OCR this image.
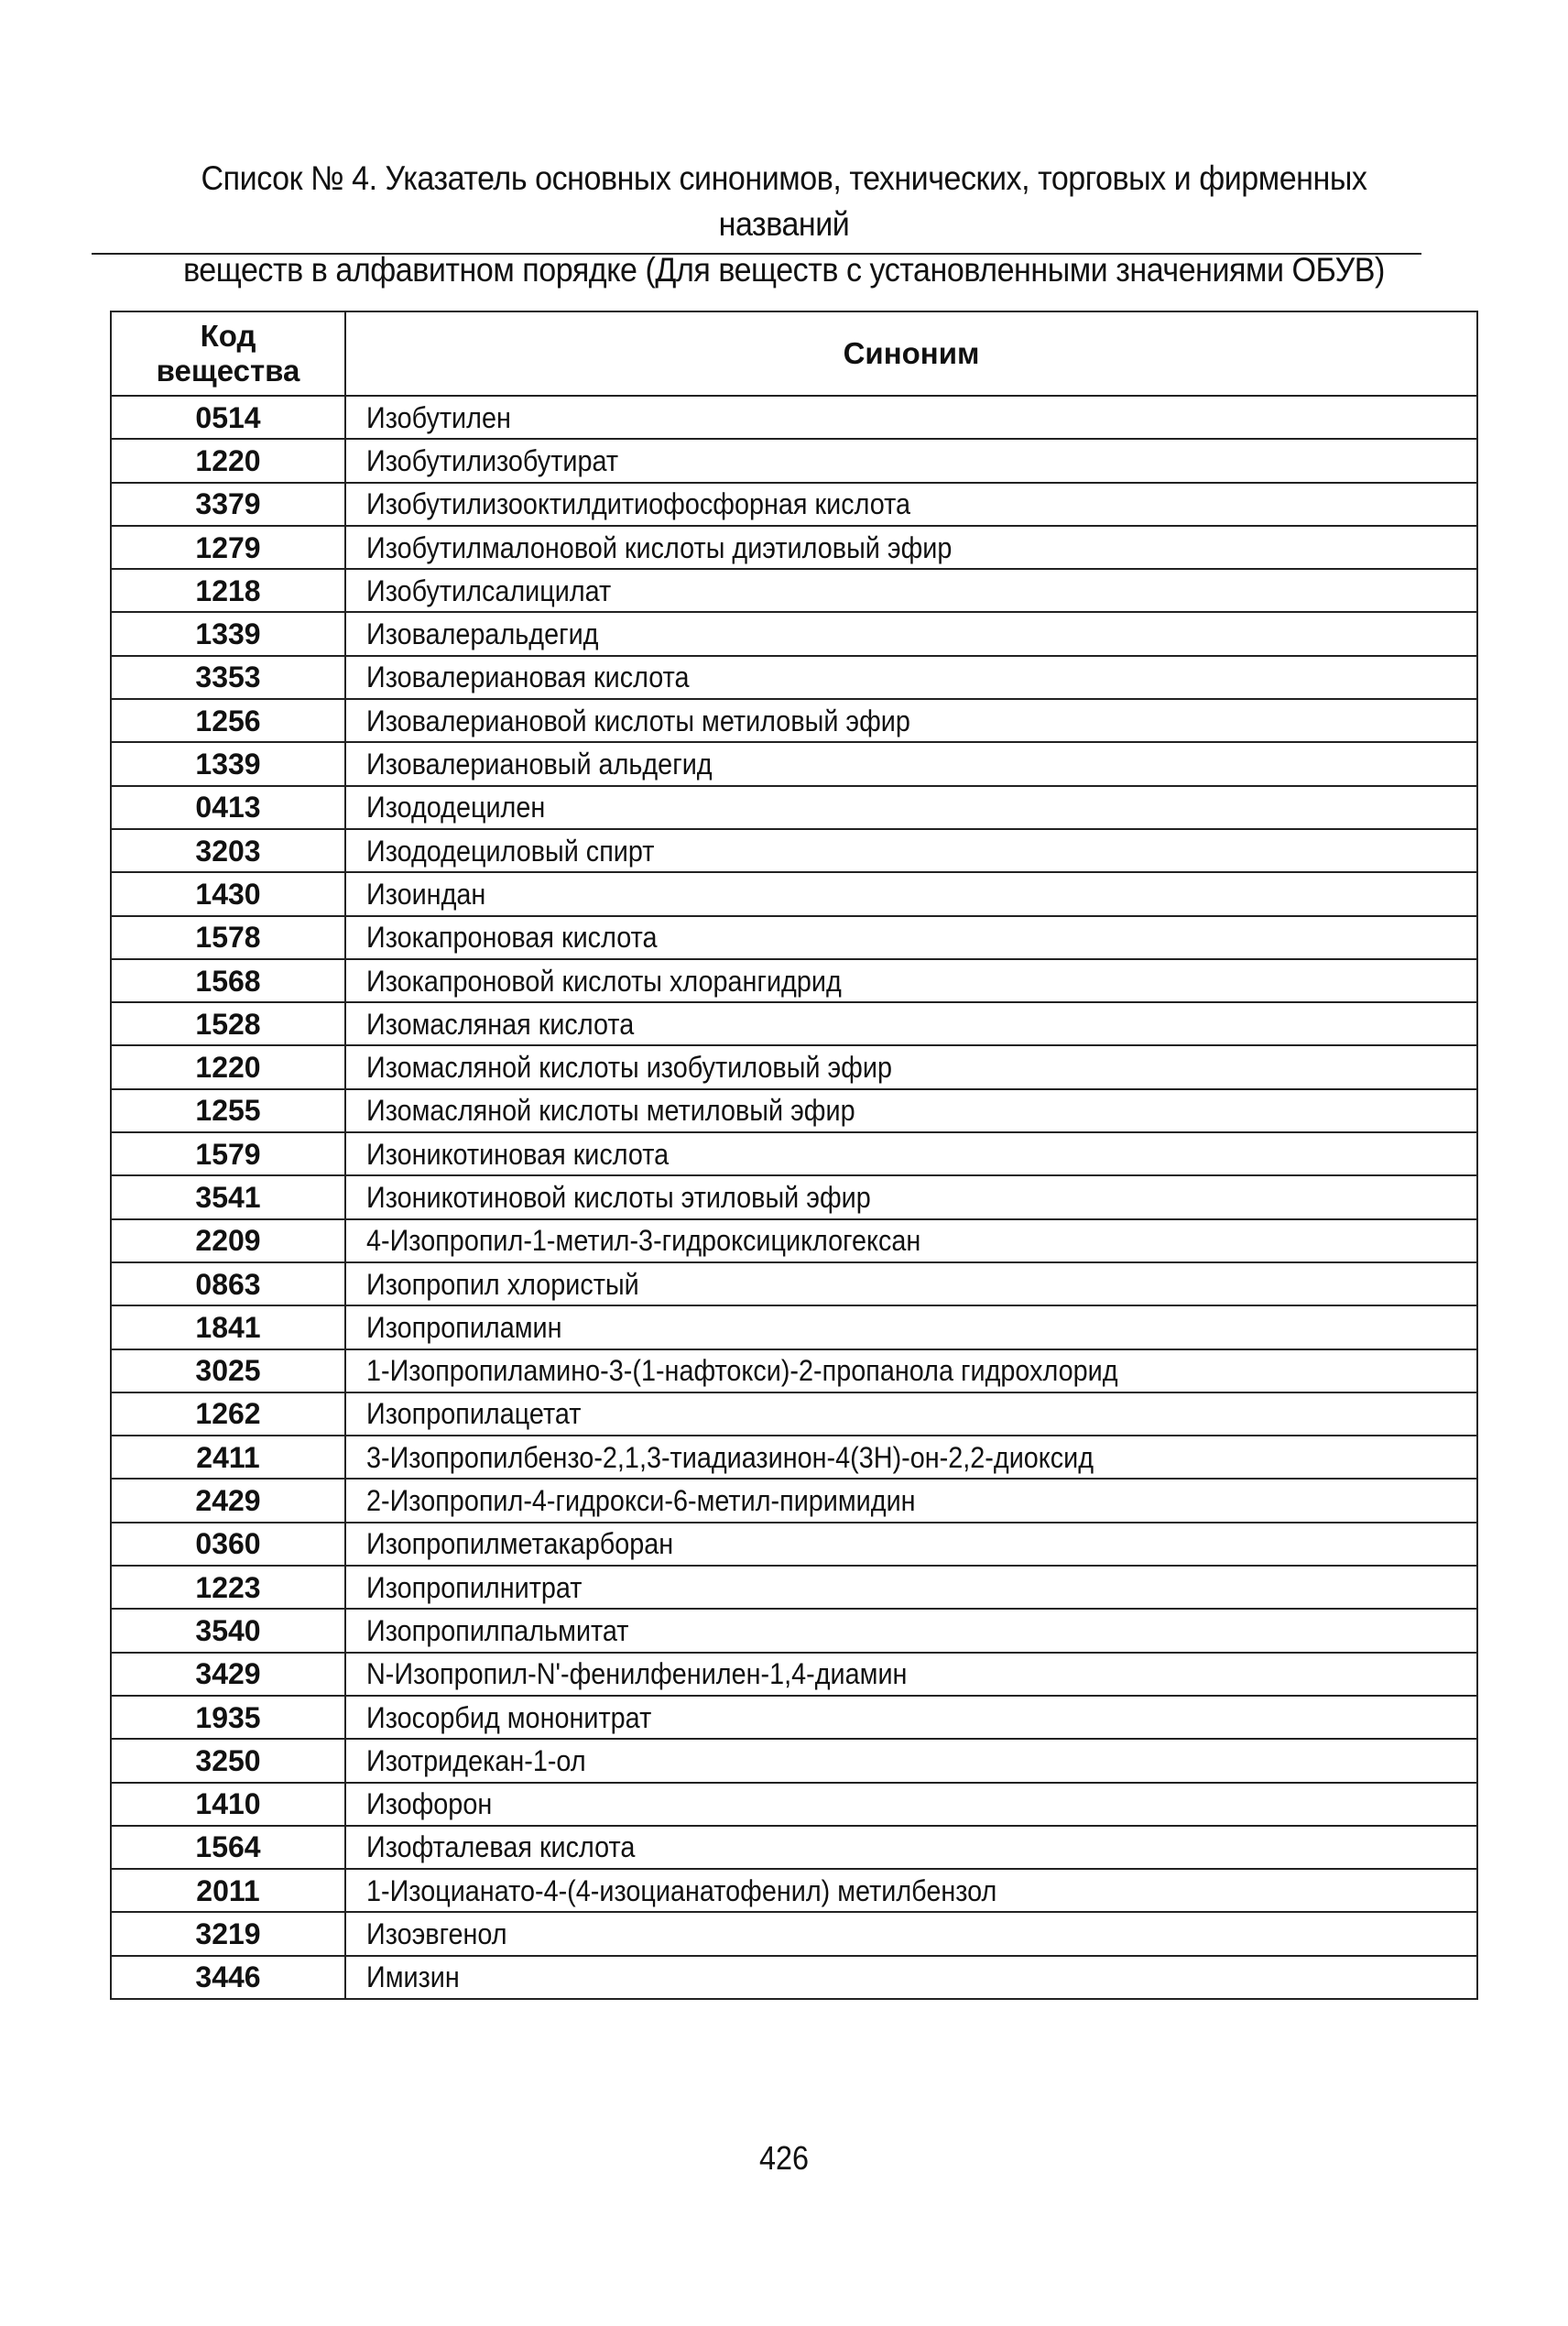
Список № 4. Указатель основных синонимов, технических, торговых и фирменных названий
веществ в алфавитном порядке (Для веществ с установленными значениями ОБУВ)
Код
вещества	Синоним
0514	Изобутилен
1220	Изобутилизобутират
3379	Изобутилизооктилдитиофосфорная кислота
1279	Изобутилмалоновой кислоты диэтиловый эфир
1218	Изобутилсалицилат
1339	Изовалеральдегид
3353	Изовалериановая кислота
1256	Изовалериановой кислоты метиловый эфир
1339	Изовалериановый альдегид
0413	Изододецилен
3203	Изододециловый спирт
1430	Изоиндан
1578	Изокапроновая кислота
1568	Изокапроновой кислоты хлорангидрид
1528	Изомасляная кислота
1220	Изомасляной кислоты изобутиловый эфир
1255	Изомасляной кислоты метиловый эфир
1579	Изоникотиновая кислота
3541	Изоникотиновой кислоты этиловый эфир
2209	4-Изопропил-1-метил-3-гидроксициклогексан
0863	Изопропил хлористый
1841	Изопропиламин
3025	1-Изопропиламино-3-(1-нафтокси)-2-пропанола гидрохлорид
1262	Изопропилацетат
2411	3-Изопропилбензо-2,1,3-тиадиазинон-4(3Н)-он-2,2-диоксид
2429	2-Изопропил-4-гидрокси-6-метил-пиримидин
0360	Изопропилметакарборан
1223	Изопропилнитрат
3540	Изопропилпальмитат
3429	N-Изопропил-N'-фенилфенилен-1,4-диамин
1935	Изосорбид мононитрат
3250	Изотридекан-1-ол
1410	Изофорон
1564	Изофталевая кислота
2011	1-Изоцианато-4-(4-изоцианатофенил) метилбензол
3219	Изоэвгенол
3446	Имизин
426
